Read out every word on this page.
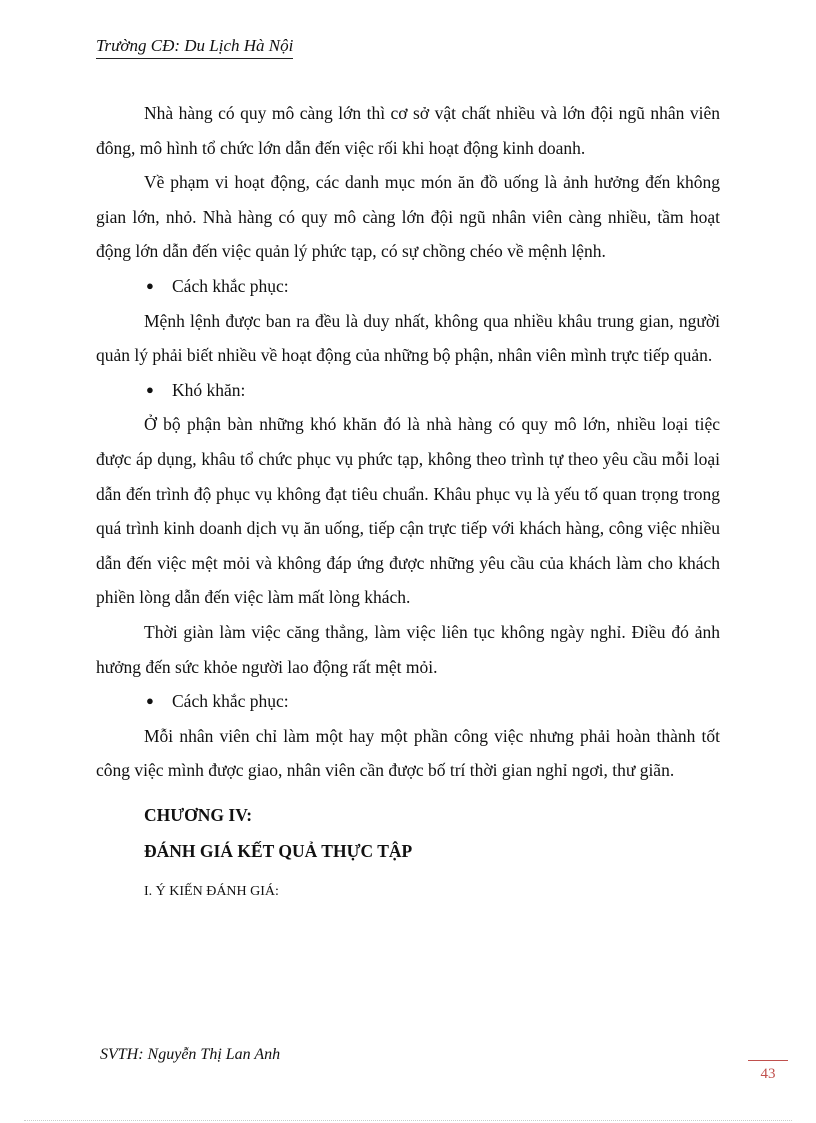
Trường CĐ: Du Lịch Hà Nội

Nhà hàng có quy mô càng lớn thì cơ sở vật chất nhiều và lớn đội ngũ nhân viên đông, mô hình tổ chức lớn dẫn đến việc rối khi hoạt động kinh doanh.

Về phạm vi hoạt động, các danh mục món ăn đồ uống là ảnh hưởng đến không gian lớn, nhỏ. Nhà hàng có quy mô càng lớn đội ngũ nhân viên càng nhiều, tầm hoạt động lớn dẫn đến việc quản lý phức tạp, có sự chồng chéo về mệnh lệnh.

● Cách khắc phục:

Mệnh lệnh được ban ra đều là duy nhất, không qua nhiều khâu trung gian, người quản lý phải biết nhiều về hoạt động của những bộ phận, nhân viên mình trực tiếp quản.

● Khó khăn:

Ở bộ phận bàn những khó khăn đó là nhà hàng có quy mô lớn, nhiều loại tiệc được áp dụng, khâu tổ chức phục vụ phức tạp, không theo trình tự theo yêu cầu mỗi loại dẫn đến trình độ phục vụ không đạt tiêu chuẩn. Khâu phục vụ là yếu tố quan trọng trong quá trình kinh doanh dịch vụ ăn uống, tiếp cận trực tiếp với khách hàng, công việc nhiều dẫn đến việc mệt mỏi và không đáp ứng được những yêu cầu của khách làm cho khách phiền lòng dẫn đến việc làm mất lòng khách.

Thời giàn làm việc căng thẳng, làm việc liên tục không ngày nghỉ. Điều đó ảnh hưởng đến sức khỏe người lao động rất mệt mỏi.

● Cách khắc phục:

Mỗi nhân viên chỉ làm một hay một phần công việc nhưng phải hoàn thành tốt công việc mình được giao, nhân viên cần được bố trí thời gian nghỉ ngơi, thư giãn.

CHƯƠNG IV:

ĐÁNH GIÁ KẾT QUẢ THỰC TẬP

I. Ý KIẾN ĐÁNH GIÁ:
SVTH: Nguyễn Thị Lan Anh
43
